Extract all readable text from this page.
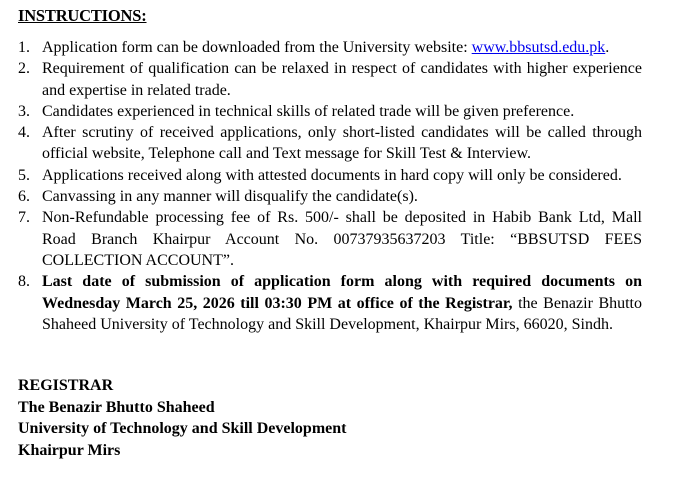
INSTRUCTIONS:
1. Application form can be downloaded from the University website: www.bbsutsd.edu.pk.
2. Requirement of qualification can be relaxed in respect of candidates with higher experience and expertise in related trade.
3. Candidates experienced in technical skills of related trade will be given preference.
4. After scrutiny of received applications, only short-listed candidates will be called through official website, Telephone call and Text message for Skill Test & Interview.
5. Applications received along with attested documents in hard copy will only be considered.
6. Canvassing in any manner will disqualify the candidate(s).
7. Non-Refundable processing fee of Rs. 500/- shall be deposited in Habib Bank Ltd, Mall Road Branch Khairpur Account No. 00737935637203 Title: “BBSUTSD FEES COLLECTION ACCOUNT”.
8. Last date of submission of application form along with required documents on Wednesday March 25, 2026 till 03:30 PM at office of the Registrar, the Benazir Bhutto Shaheed University of Technology and Skill Development, Khairpur Mirs, 66020, Sindh.
REGISTRAR
The Benazir Bhutto Shaheed
University of Technology and Skill Development
Khairpur Mirs
